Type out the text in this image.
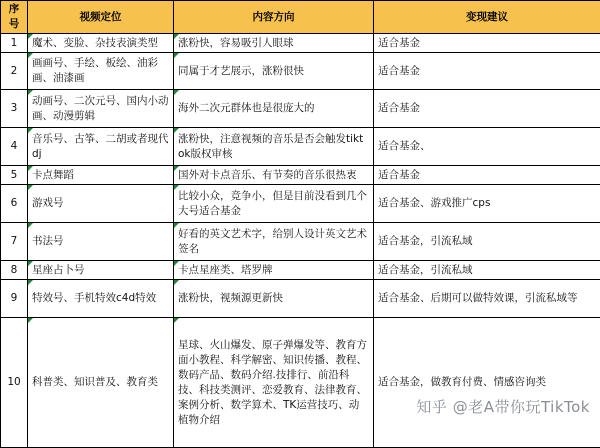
序号	视频定位	内容方向	变现建议
1	魔术、变脸、杂技表演类型	涨粉快，容易吸引人眼球	适合基金
2	画画号、手绘、板绘、油彩画、油漆画	同属于才艺展示，涨粉很快	适合基金
3	动画号、二次元号、国内小动画、动漫剪辑	海外二次元群体也是很庞大的	适合基金
4	音乐号、古筝、二胡或者现代dj	涨粉快，注意视频的音乐是否会触发tiktok版权审核	适合基金、
5	卡点舞蹈	国外对卡点音乐、有节奏的音乐很热衷	适合基金
6	游戏号	比较小众，竞争小，但是目前没看到几个大号适合基金	适合基金、游戏推广cps
7	书法号	好看的英文艺术字，给别人设计英文艺术签名	适合基金，引流私域
8	星座占卜号	卡点星座类、塔罗牌	适合基金，引流私域
9	特效号、手机特效c4d特效	涨粉快，视频源更新快	适合基金、后期可以做特效课，引流私域等
10	科普类、知识普及、教育类	星球、火山爆发、原子弹爆发等、教育方面小教程、科学解密、知识传播、教程、数码产品、数码介绍.技排行、前沿科技、科技类测评、恋爱教育、法律教育、案例分析、数学算术、TK运营技巧、动植物介绍	适合基金，做教育付费、情感咨询类
知乎 @老A带你玩TikTok
